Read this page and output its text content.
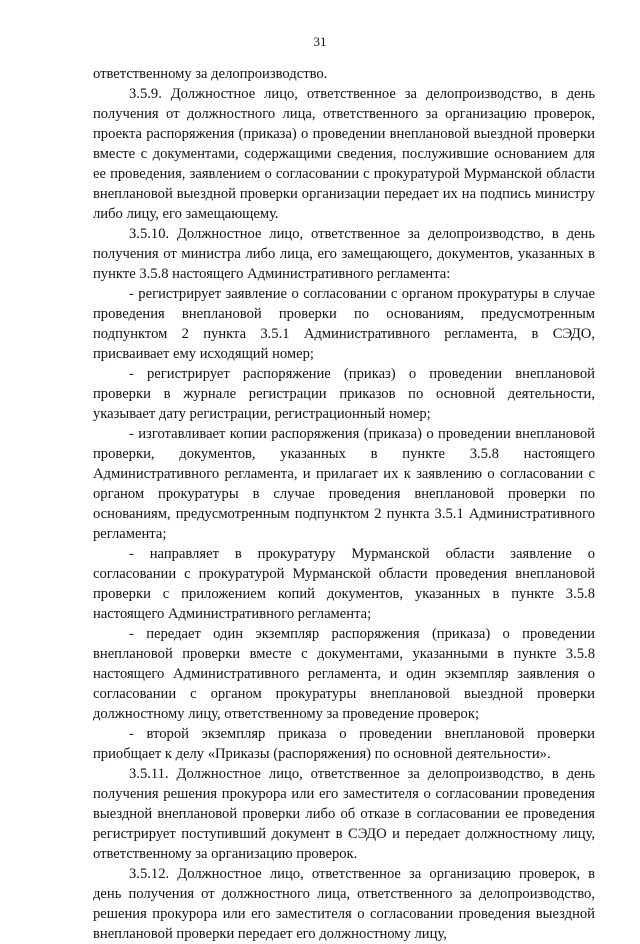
31

ответственному за делопроизводство.

3.5.9. Должностное лицо, ответственное за делопроизводство, в день получения от должностного лица, ответственного за организацию проверок, проекта распоряжения (приказа) о проведении внеплановой выездной проверки вместе с документами, содержащими сведения, послужившие основанием для ее проведения, заявлением о согласовании с прокуратурой Мурманской области внеплановой выездной проверки организации передает их на подпись министру либо лицу, его замещающему.

3.5.10. Должностное лицо, ответственное за делопроизводство, в день получения от министра либо лица, его замещающего, документов, указанных в пункте 3.5.8 настоящего Административного регламента:

- регистрирует заявление о согласовании с органом прокуратуры в случае проведения внеплановой проверки по основаниям, предусмотренным подпунктом 2 пункта 3.5.1 Административного регламента, в СЭДО, присваивает ему исходящий номер;

- регистрирует распоряжение (приказ) о проведении внеплановой проверки в журнале регистрации приказов по основной деятельности, указывает дату регистрации, регистрационный номер;

- изготавливает копии распоряжения (приказа) о проведении внеплановой проверки, документов, указанных в пункте 3.5.8 настоящего Административного регламента, и прилагает их к заявлению о согласовании с органом прокуратуры в случае проведения внеплановой проверки по основаниям, предусмотренным подпунктом 2 пункта 3.5.1 Административного регламента;

- направляет в прокуратуру Мурманской области заявление о согласовании с прокуратурой Мурманской области проведения внеплановой проверки с приложением копий документов, указанных в пункте 3.5.8 настоящего Административного регламента;

- передает один экземпляр распоряжения (приказа) о проведении внеплановой проверки вместе с документами, указанными в пункте 3.5.8 настоящего Административного регламента, и один экземпляр заявления о согласовании с органом прокуратуры внеплановой выездной проверки должностному лицу, ответственному за проведение проверок;

- второй экземпляр приказа о проведении внеплановой проверки приобщает к делу «Приказы (распоряжения) по основной деятельности».

3.5.11. Должностное лицо, ответственное за делопроизводство, в день получения решения прокурора или его заместителя о согласовании проведения выездной внеплановой проверки либо об отказе в согласовании ее проведения регистрирует поступивший документ в СЭДО и передает должностному лицу, ответственному за организацию проверок.

3.5.12. Должностное лицо, ответственное за организацию проверок, в день получения от должностного лица, ответственного за делопроизводство, решения прокурора или его заместителя о согласовании проведения выездной внеплановой проверки передает его должностному лицу,
